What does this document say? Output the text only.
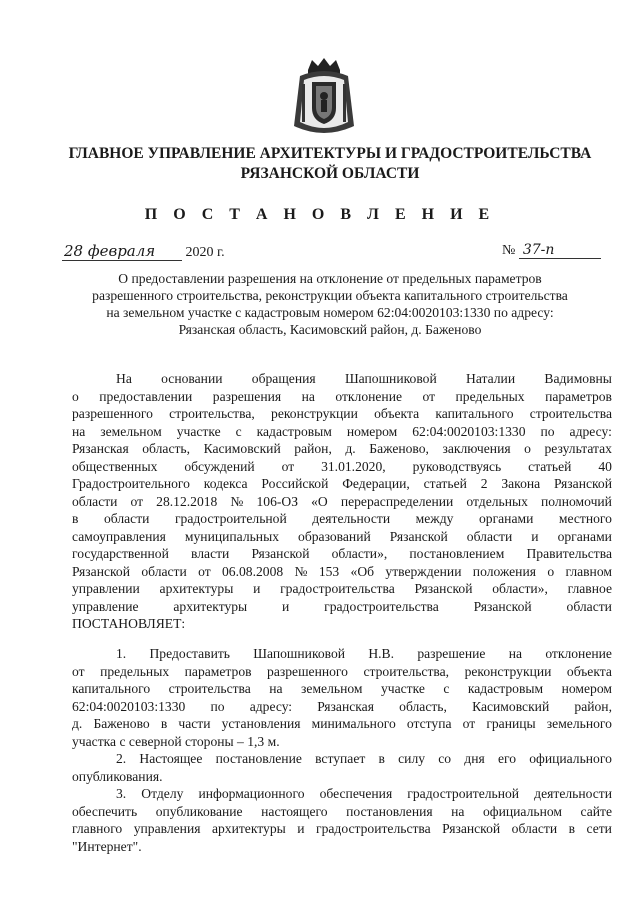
ГЛАВНОЕ УПРАВЛЕНИЕ АРХИТЕКТУРЫ И ГРАДОСТРОИТЕЛЬСТВА
РЯЗАНСКОЙ ОБЛАСТИ
П О С Т А Н О В Л Е Н И Е
28 февраля 2020 г.	№ 37-п
О предоставлении разрешения на отклонение от предельных параметров
разрешенного строительства, реконструкции объекта капитального строительства
на земельном участке с кадастровым номером 62:04:0020103:1330 по адресу:
Рязанская область, Касимовский район, д. Баженово
На основании обращения Шапошниковой Наталии Вадимовны
о предоставлении разрешения на отклонение от предельных параметров
разрешенного строительства, реконструкции объекта капитального строительства
на земельном участке с кадастровым номером 62:04:0020103:1330 по адресу:
Рязанская область, Касимовский район, д. Баженово, заключения о результатах
общественных обсуждений от 31.01.2020, руководствуясь статьей 40
Градостроительного кодекса Российской Федерации, статьей 2 Закона Рязанской
области от 28.12.2018 № 106-ОЗ «О перераспределении отдельных полномочий
в области градостроительной деятельности между органами местного
самоуправления муниципальных образований Рязанской области и органами
государственной власти Рязанской области», постановлением Правительства
Рязанской области от 06.08.2008 № 153 «Об утверждении положения о главном
управлении архитектуры и градостроительства Рязанской области», главное
управление	архитектуры	и	градостроительства	Рязанской	области
ПОСТАНОВЛЯЕТ:
1. Предоставить Шапошниковой Н.В. разрешение на отклонение
от предельных параметров разрешенного строительства, реконструкции объекта
капитального строительства на земельном участке с кадастровым номером
62:04:0020103:1330 по адресу: Рязанская область, Касимовский район,
д. Баженово в части установления минимального отступа от границы земельного
участка с северной стороны – 1,3 м.
2. Настоящее постановление вступает в силу со дня его официального
опубликования.
3. Отделу информационного обеспечения градостроительной деятельности
обеспечить опубликование настоящего постановления на официальном сайте
главного управления архитектуры и градостроительства Рязанской области в сети
"Интернет".
